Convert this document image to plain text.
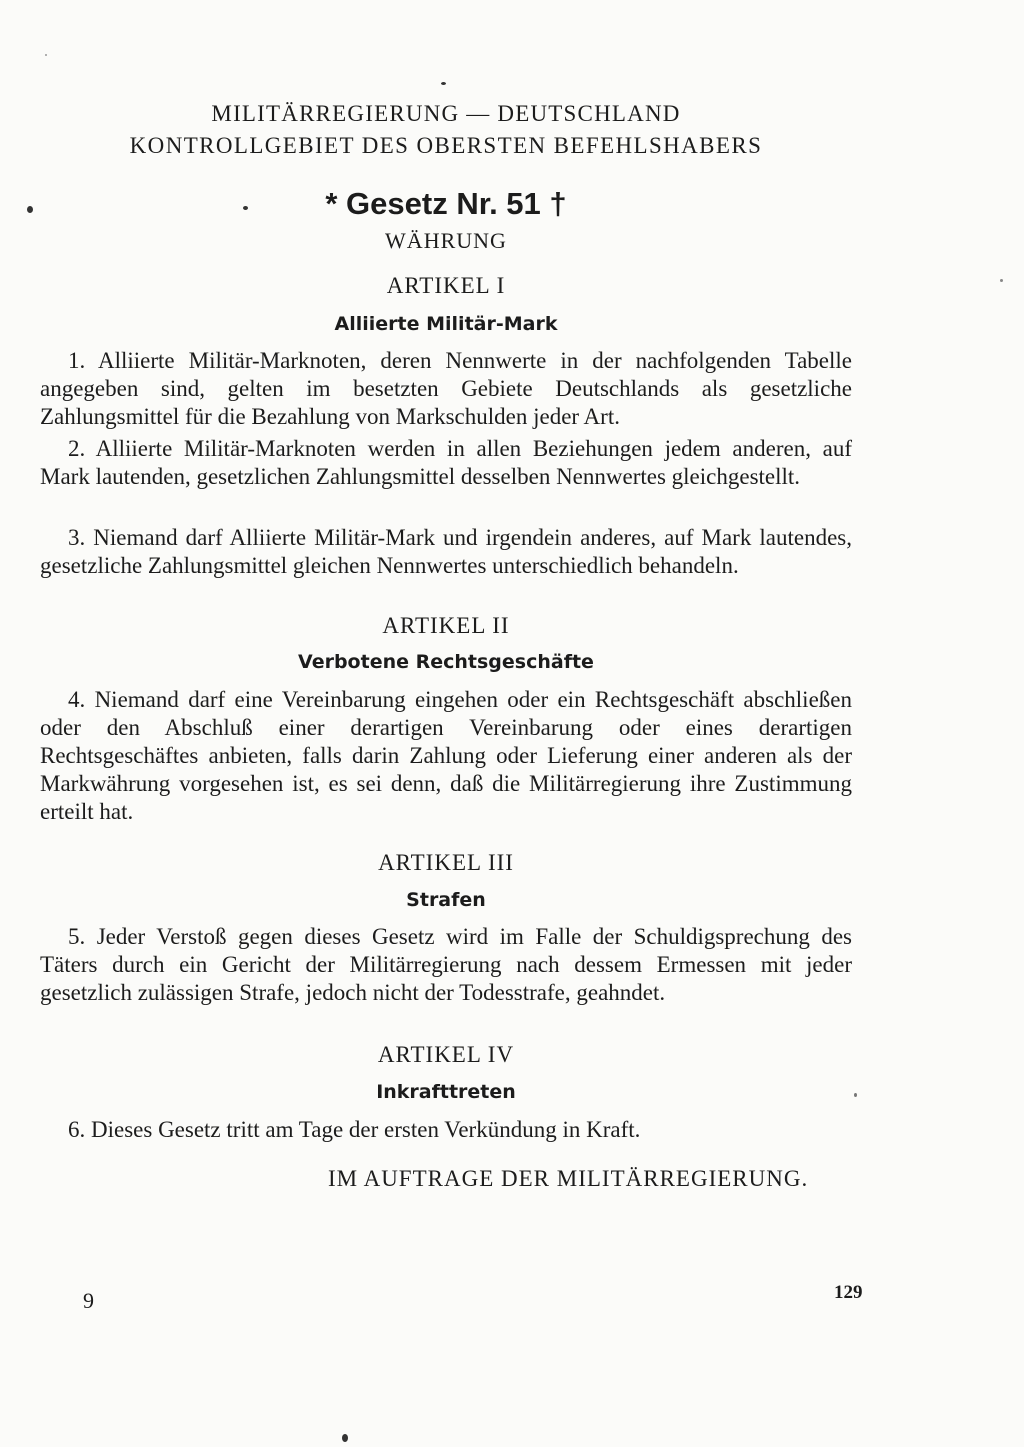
MILITÄRREGIERUNG — DEUTSCHLAND
KONTROLLGEBIET DES OBERSTEN BEFEHLSHABERS
* Gesetz Nr. 51 †
WÄHRUNG
ARTIKEL I
Alliierte Militär-Mark

1. Alliierte Militär-Marknoten, deren Nennwerte in der nachfolgenden Tabelle angegeben sind, gelten im besetzten Gebiete Deutschlands als gesetzliche Zahlungsmittel für die Bezahlung von Markschulden jeder Art.

2. Alliierte Militär-Marknoten werden in allen Beziehungen jedem anderen, auf Mark lautenden, gesetzlichen Zahlungsmittel desselben Nennwertes gleichgestellt.

3. Niemand darf Alliierte Militär-Mark und irgendein anderes, auf Mark lautendes, gesetzliche Zahlungsmittel gleichen Nennwertes unterschiedlich behandeln.

ARTIKEL II
Verbotene Rechtsgeschäfte

4. Niemand darf eine Vereinbarung eingehen oder ein Rechtsgeschäft abschließen oder den Abschluß einer derartigen Vereinbarung oder eines derartigen Rechtsgeschäftes anbieten, falls darin Zahlung oder Lieferung einer anderen als der Markwährung vorgesehen ist, es sei denn, daß die Militärregierung ihre Zustimmung erteilt hat.

ARTIKEL III
Strafen

5. Jeder Verstoß gegen dieses Gesetz wird im Falle der Schuldigsprechung des Täters durch ein Gericht der Militärregierung nach dessem Ermessen mit jeder gesetzlich zulässigen Strafe, jedoch nicht der Todesstrafe, geahndet.

ARTIKEL IV
Inkrafttreten

6. Dieses Gesetz tritt am Tage der ersten Verkündung in Kraft.

IM AUFTRAGE DER MILITÄRREGIERUNG.
9	129
